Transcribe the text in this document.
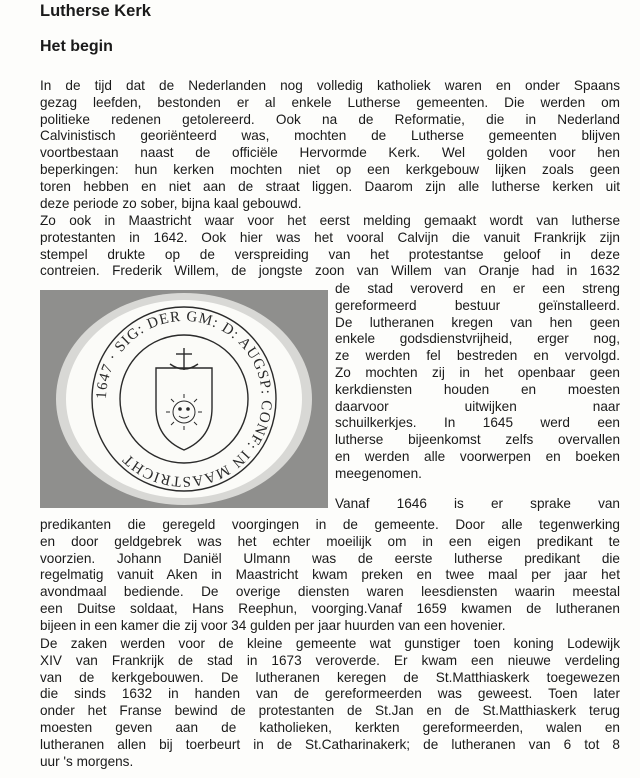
Lutherse Kerk
Het begin
In de tijd dat de Nederlanden nog volledig katholiek waren en onder Spaans
gezag leefden, bestonden er al enkele Lutherse gemeenten. Die werden om
politieke redenen getolereerd. Ook na de Reformatie, die in Nederland
Calvinistisch georiënteerd was, mochten de Lutherse gemeenten blijven
voortbestaan naast de officiële Hervormde Kerk. Wel golden voor hen
beperkingen: hun kerken mochten niet op een kerkgebouw lijken zoals geen
toren hebben en niet aan de straat liggen. Daarom zijn alle lutherse kerken uit
deze periode zo sober, bijna kaal gebouwd.
Zo ook in Maastricht waar voor het eerst melding gemaakt wordt van lutherse
protestanten in 1642. Ook hier was het vooral Calvijn die vanuit Frankrijk zijn
stempel drukte op de verspreiding van het protestantse geloof in deze
contreien. Frederik Willem, de jongste zoon van Willem van Oranje had in 1632
1647 · SIG: DER GM: D: AUGSP: CONF: IN MAASTRICHT
de stad veroverd en er een streng
gereformeerd bestuur geïnstalleerd.
De lutheranen kregen van hen geen
enkele godsdienstvrijheid, erger nog,
ze werden fel bestreden en vervolgd.
Zo mochten zij in het openbaar geen
kerkdiensten houden en moesten
daarvoor uitwijken naar
schuilkerkjes. In 1645 werd een
lutherse bijeenkomst zelfs overvallen
en werden alle voorwerpen en boeken
meegenomen.
Vanaf 1646 is er sprake van
predikanten die geregeld voorgingen in de gemeente. Door alle tegenwerking
en door geldgebrek was het echter moeilijk om in een eigen predikant te
voorzien. Johann Daniël Ulmann was de eerste lutherse predikant die
regelmatig vanuit Aken in Maastricht kwam preken en twee maal per jaar het
avondmaal bediende. De overige diensten waren leesdiensten waarin meestal
een Duitse soldaat, Hans Reephun, voorging.Vanaf 1659 kwamen de lutheranen
bijeen in een kamer die zij voor 34 gulden per jaar huurden van een hovenier.
De zaken werden voor de kleine gemeente wat gunstiger toen koning Lodewijk
XIV van Frankrijk de stad in 1673 veroverde. Er kwam een nieuwe verdeling
van de kerkgebouwen. De lutheranen keregen de St.Matthiaskerk toegewezen
die sinds 1632 in handen van de gereformeerden was geweest. Toen later
onder het Franse bewind de protestanten de St.Jan en de St.Matthiaskerk terug
moesten geven aan de katholieken, kerkten gereformeerden, walen en
lutheranen allen bij toerbeurt in de St.Catharinakerk; de lutheranen van 6 tot 8
uur 's morgens.
